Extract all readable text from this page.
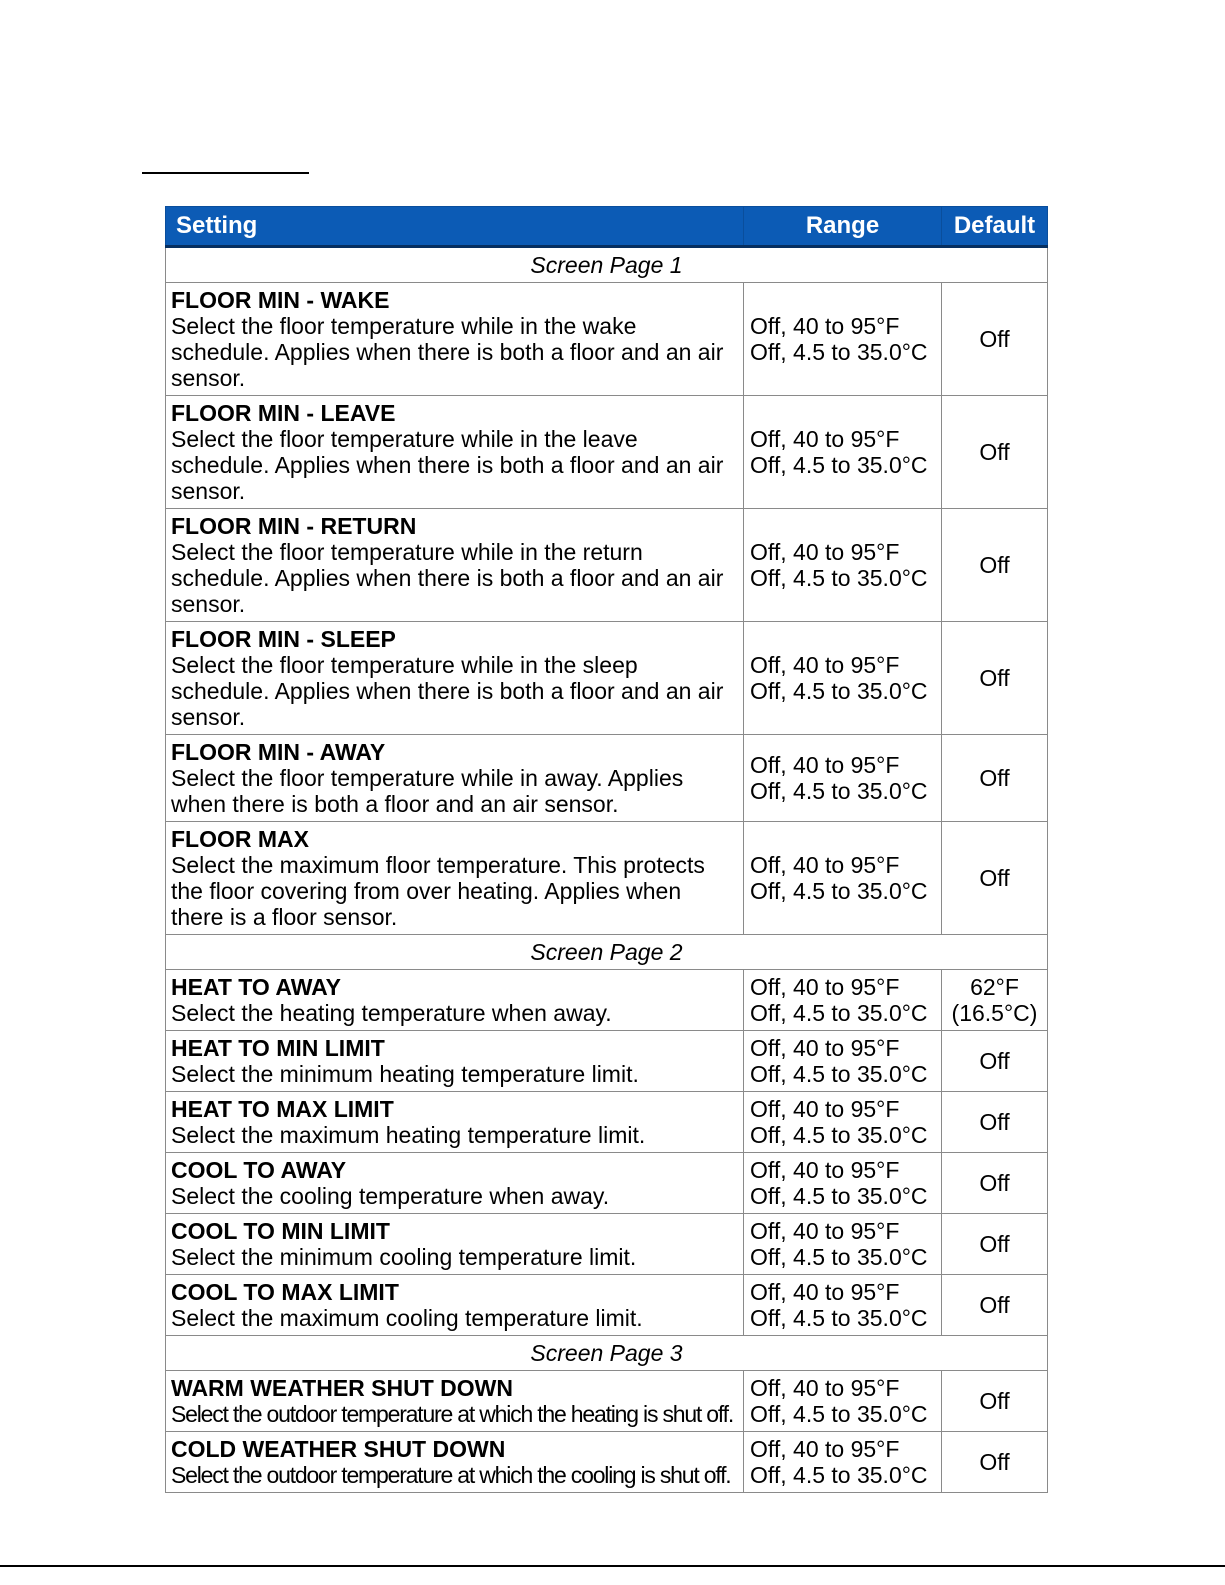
Setting	Range	Default
Screen Page 1		

FLOOR MIN - WAKE
Select the floor temperature while in the wake schedule. Applies when there is both a floor and an air sensor.	Off, 40 to 95°F
Off, 4.5 to 35.0°C	Off

FLOOR MIN - LEAVE
Select the floor temperature while in the leave schedule. Applies when there is both a floor and an air sensor.	Off, 40 to 95°F
Off, 4.5 to 35.0°C	Off

FLOOR MIN - RETURN
Select the floor temperature while in the return schedule. Applies when there is both a floor and an air sensor.	Off, 40 to 95°F
Off, 4.5 to 35.0°C	Off

FLOOR MIN - SLEEP
Select the floor temperature while in the sleep schedule. Applies when there is both a floor and an air sensor.	Off, 40 to 95°F
Off, 4.5 to 35.0°C	Off

FLOOR MIN - AWAY
Select the floor temperature while in away. Applies when there is both a floor and an air sensor.	Off, 40 to 95°F
Off, 4.5 to 35.0°C	Off

FLOOR MAX
Select the maximum floor temperature. This protects the floor covering from over heating. Applies when there is a floor sensor.	Off, 40 to 95°F
Off, 4.5 to 35.0°C	Off

Screen Page 2		

HEAT TO AWAY
Select the heating temperature when away.	Off, 40 to 95°F
Off, 4.5 to 35.0°C	62°F
(16.5°C)

HEAT TO MIN LIMIT
Select the minimum heating temperature limit.	Off, 40 to 95°F
Off, 4.5 to 35.0°C	Off

HEAT TO MAX LIMIT
Select the maximum heating temperature limit.	Off, 40 to 95°F
Off, 4.5 to 35.0°C	Off

COOL TO AWAY
Select the cooling temperature when away.	Off, 40 to 95°F
Off, 4.5 to 35.0°C	Off

COOL TO MIN LIMIT
Select the minimum cooling temperature limit.	Off, 40 to 95°F
Off, 4.5 to 35.0°C	Off

COOL TO MAX LIMIT
Select the maximum cooling temperature limit.	Off, 40 to 95°F
Off, 4.5 to 35.0°C	Off

Screen Page 3		

WARM WEATHER SHUT DOWN
Select the outdoor temperature at which the heating is shut off.	Off, 40 to 95°F
Off, 4.5 to 35.0°C	Off

COLD WEATHER SHUT DOWN
Select the outdoor temperature at which the cooling is shut off.	Off, 40 to 95°F
Off, 4.5 to 35.0°C	Off
